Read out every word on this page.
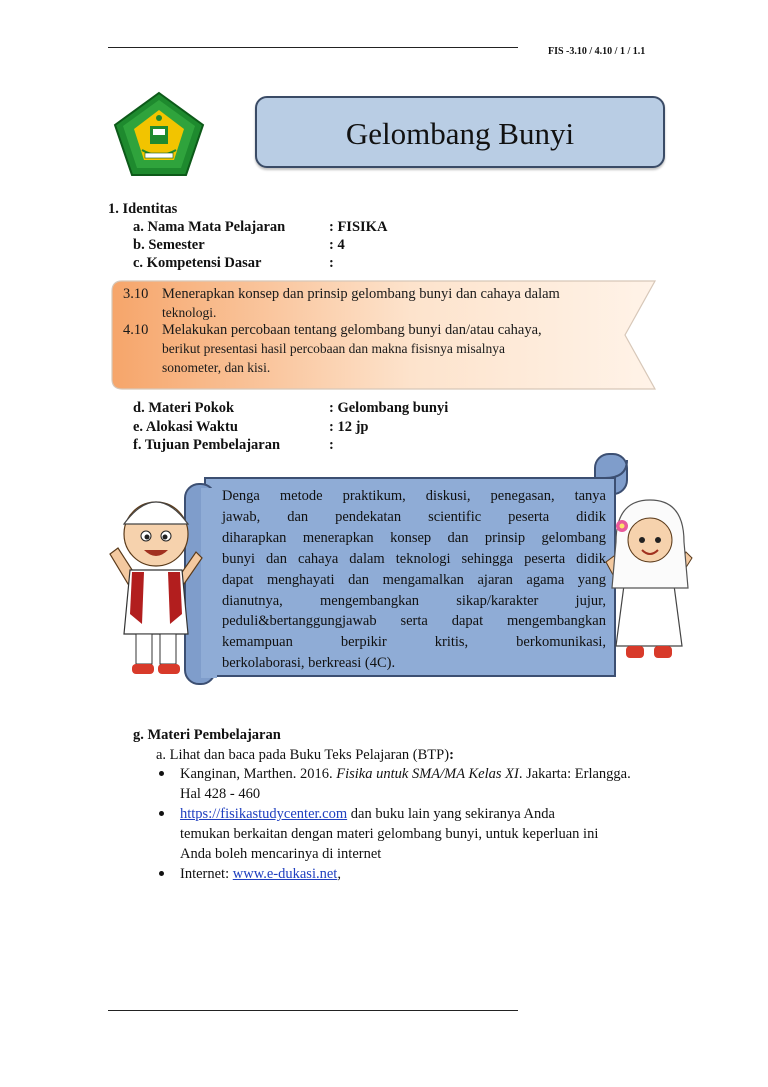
FIS -3.10 / 4.10 / 1 / 1.1
Gelombang Bunyi
1. Identitas
a. Nama Mata Pelajaran	: FISIKA
b. Semester	: 4
c. Kompetensi Dasar	:
3.10 Menerapkan konsep dan prinsip gelombang bunyi dan cahaya dalam
teknologi.
4.10 Melakukan percobaan tentang gelombang bunyi dan/atau cahaya,
berikut presentasi hasil percobaan dan makna fisisnya misalnya
sonometer, dan kisi.
d. Materi Pokok	: Gelombang bunyi
e. Alokasi Waktu	: 12 jp
f. Tujuan Pembelajaran	:
Denga metode praktikum, diskusi, penegasan, tanya
jawab, dan pendekatan scientific peserta didik
diharapkan menerapkan konsep dan prinsip gelombang
bunyi dan cahaya dalam teknologi sehingga peserta didik
dapat menghayati dan mengamalkan ajaran agama yang
dianutnya, mengembangkan sikap/karakter jujur,
peduli&bertanggungjawab serta dapat mengembangkan
kemampuan berpikir kritis, berkomunikasi,
berkolaborasi, berkreasi (4C).
g. Materi Pembelajaran
a. Lihat dan baca pada Buku Teks Pelajaran (BTP):
Kanginan, Marthen. 2016. Fisika untuk SMA/MA Kelas XI. Jakarta: Erlangga.
Hal 428 - 460
https://fisikastudycenter.com dan buku lain yang sekiranya Anda
temukan berkaitan dengan materi gelombang bunyi, untuk keperluan ini
Anda boleh mencarinya di internet
Internet: www.e-dukasi.net,
